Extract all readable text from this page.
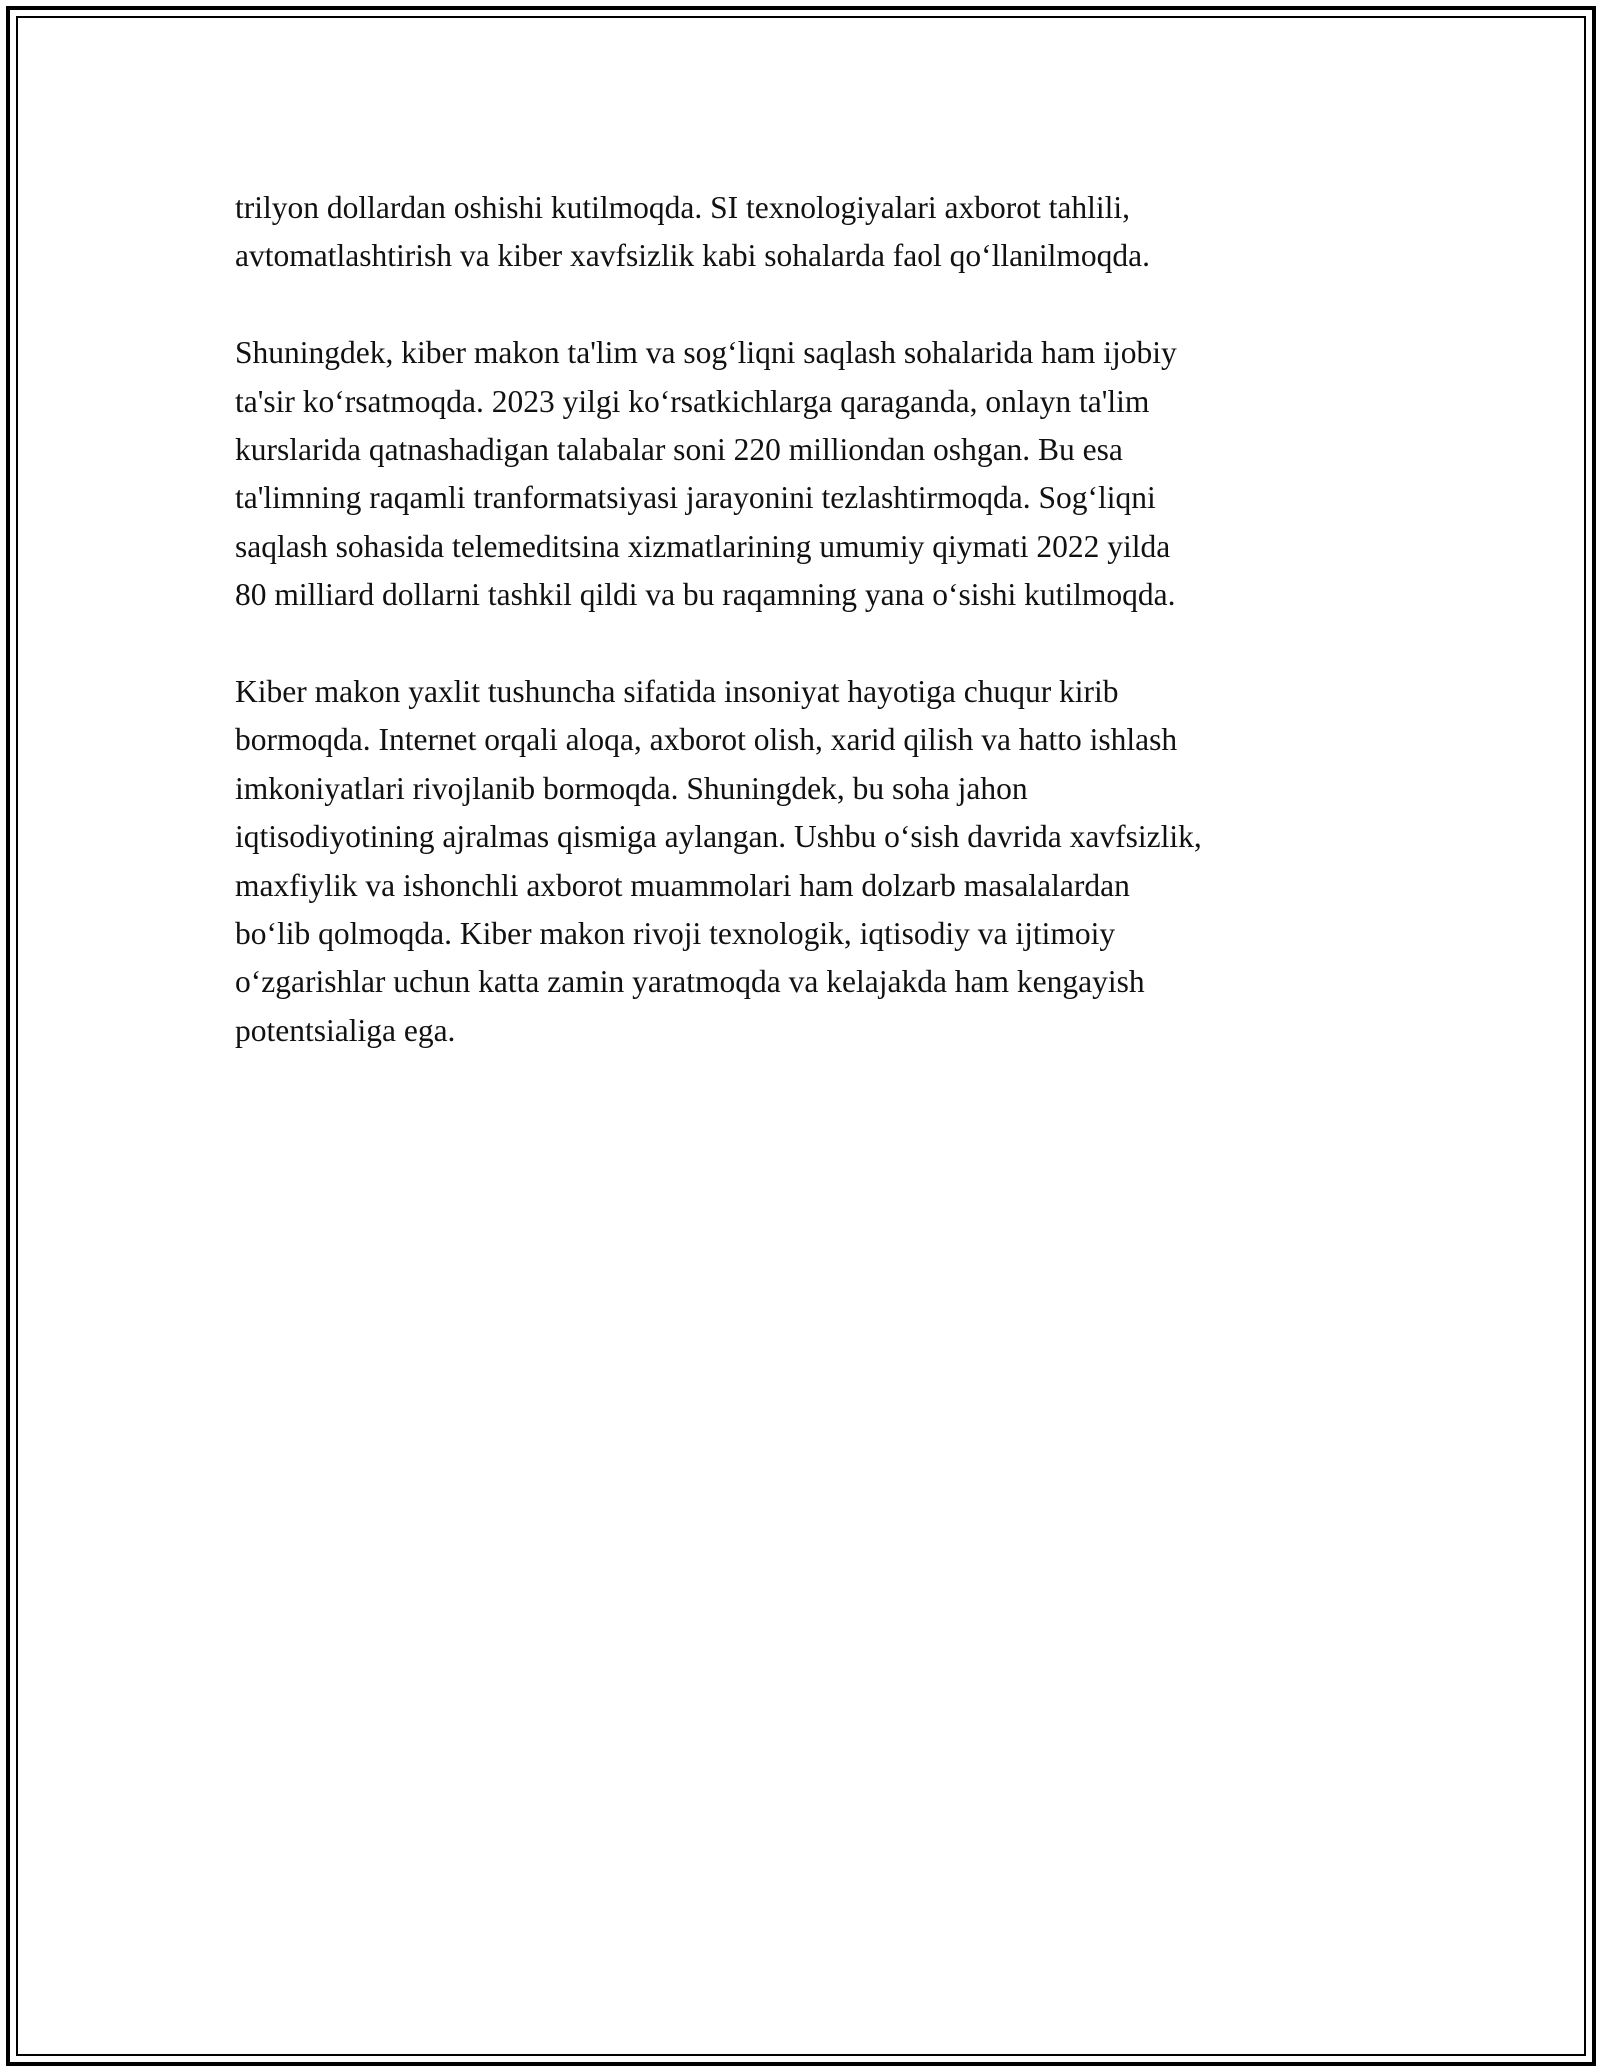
trilyon dollardan oshishi kutilmoqda. SI texnologiyalari axborot tahlili,
avtomatlashtirish va kiber xavfsizlik kabi sohalarda faol qo‘llanilmoqda.

Shuningdek, kiber makon ta'lim va sog‘liqni saqlash sohalarida ham ijobiy
ta'sir ko‘rsatmoqda. 2023 yilgi ko‘rsatkichlarga qaraganda, onlayn ta'lim
kurslarida qatnashadigan talabalar soni 220 milliondan oshgan. Bu esa
ta'limning raqamli tranformatsiyasi jarayonini tezlashtirmoqda. Sog‘liqni
saqlash sohasida telemeditsina xizmatlarining umumiy qiymati 2022 yilda
80 milliard dollarni tashkil qildi va bu raqamning yana o‘sishi kutilmoqda.

Kiber makon yaxlit tushuncha sifatida insoniyat hayotiga chuqur kirib
bormoqda. Internet orqali aloqa, axborot olish, xarid qilish va hatto ishlash
imkoniyatlari rivojlanib bormoqda. Shuningdek, bu soha jahon
iqtisodiyotining ajralmas qismiga aylangan. Ushbu o‘sish davrida xavfsizlik,
maxfiylik va ishonchli axborot muammolari ham dolzarb masalalardan
bo‘lib qolmoqda. Kiber makon rivoji texnologik, iqtisodiy va ijtimoiy
o‘zgarishlar uchun katta zamin yaratmoqda va kelajakda ham kengayish
potentsialiga ega.
